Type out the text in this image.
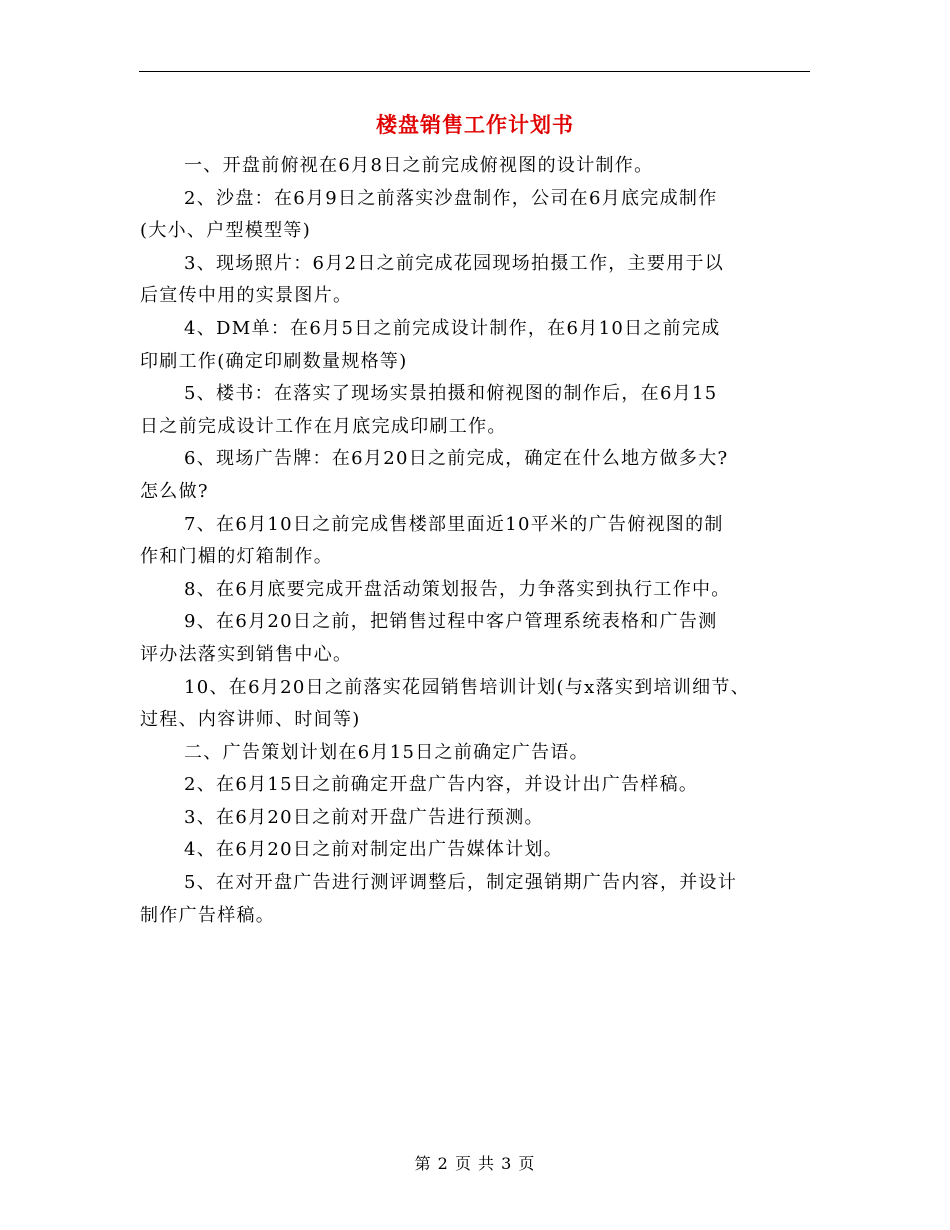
楼盘销售工作计划书

一、开盘前俯视在6月8日之前完成俯视图的设计制作。

2、沙盘：在6月9日之前落实沙盘制作，公司在6月底完成制作
(大小、户型模型等)

3、现场照片：6月2日之前完成花园现场拍摄工作，主要用于以
后宣传中用的实景图片。

4、DM单：在6月5日之前完成设计制作，在6月10日之前完成
印刷工作(确定印刷数量规格等)

5、楼书：在落实了现场实景拍摄和俯视图的制作后，在6月15
日之前完成设计工作在月底完成印刷工作。

6、现场广告牌：在6月20日之前完成，确定在什么地方做多大?
怎么做?

7、在6月10日之前完成售楼部里面近10平米的广告俯视图的制
作和门楣的灯箱制作。

8、在6月底要完成开盘活动策划报告，力争落实到执行工作中。

9、在6月20日之前，把销售过程中客户管理系统表格和广告测
评办法落实到销售中心。

10、在6月20日之前落实花园销售培训计划(与x落实到培训细节、
过程、内容讲师、时间等)

二、广告策划计划在6月15日之前确定广告语。

2、在6月15日之前确定开盘广告内容，并设计出广告样稿。

3、在6月20日之前对开盘广告进行预测。

4、在6月20日之前对制定出广告媒体计划。

5、在对开盘广告进行测评调整后，制定强销期广告内容，并设计
制作广告样稿。

第 2 页 共 3 页
